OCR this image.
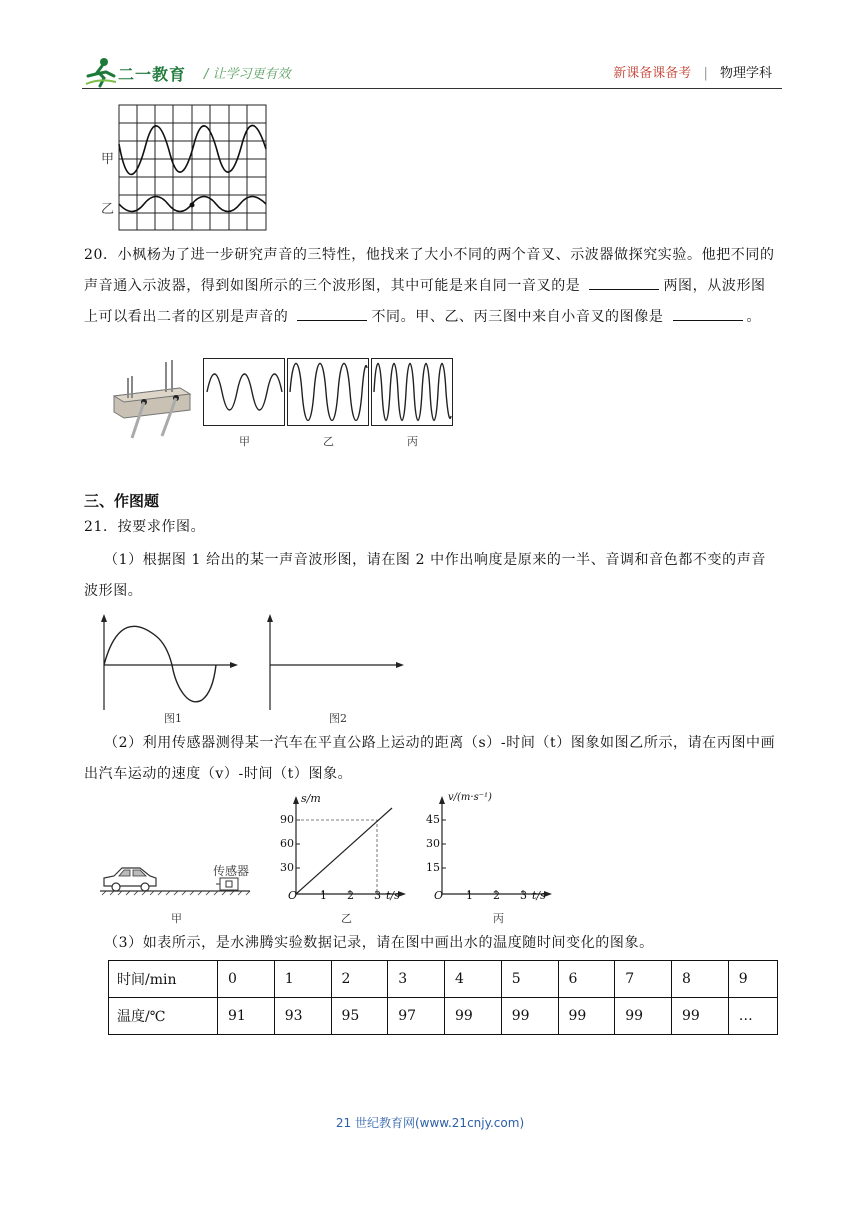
二一教育 / 让学习更有效	新课备课备考 | 物理学科
甲
乙
20．小枫杨为了进一步研究声音的三特性，他找来了大小不同的两个音叉、示波器做探究实验。他把不同的声音通入示波器，得到如图所示的三个波形图，其中可能是来自同一音叉的是	两图，从波形图上可以看出二者的区别是声音的	不同。甲、乙、丙三图中来自小音叉的图像是	。
甲	乙	丙
三、作图题
21．按要求作图。
（1）根据图 1 给出的某一声音波形图，请在图 2 中作出响度是原来的一半、音调和音色都不变的声音波形图。
图1	图2
（2）利用传感器测得某一汽车在平直公路上运动的距离（s）-时间（t）图象如图乙所示，请在丙图中画出汽车运动的速度（v）-时间（t）图象。
传感器
甲
s/m
90
60
30
O 1 2 3 t/s
乙
v/(m·s⁻¹)
45
30
15
O 1 2 3 t/s
丙
（3）如表所示，是水沸腾实验数据记录，请在图中画出水的温度随时间变化的图象。
时间/min	0	1	2	3	4	5	6	7	8	9
温度/℃	91	93	95	97	99	99	99	99	99	…
21 世纪教育网(www.21cnjy.com)
